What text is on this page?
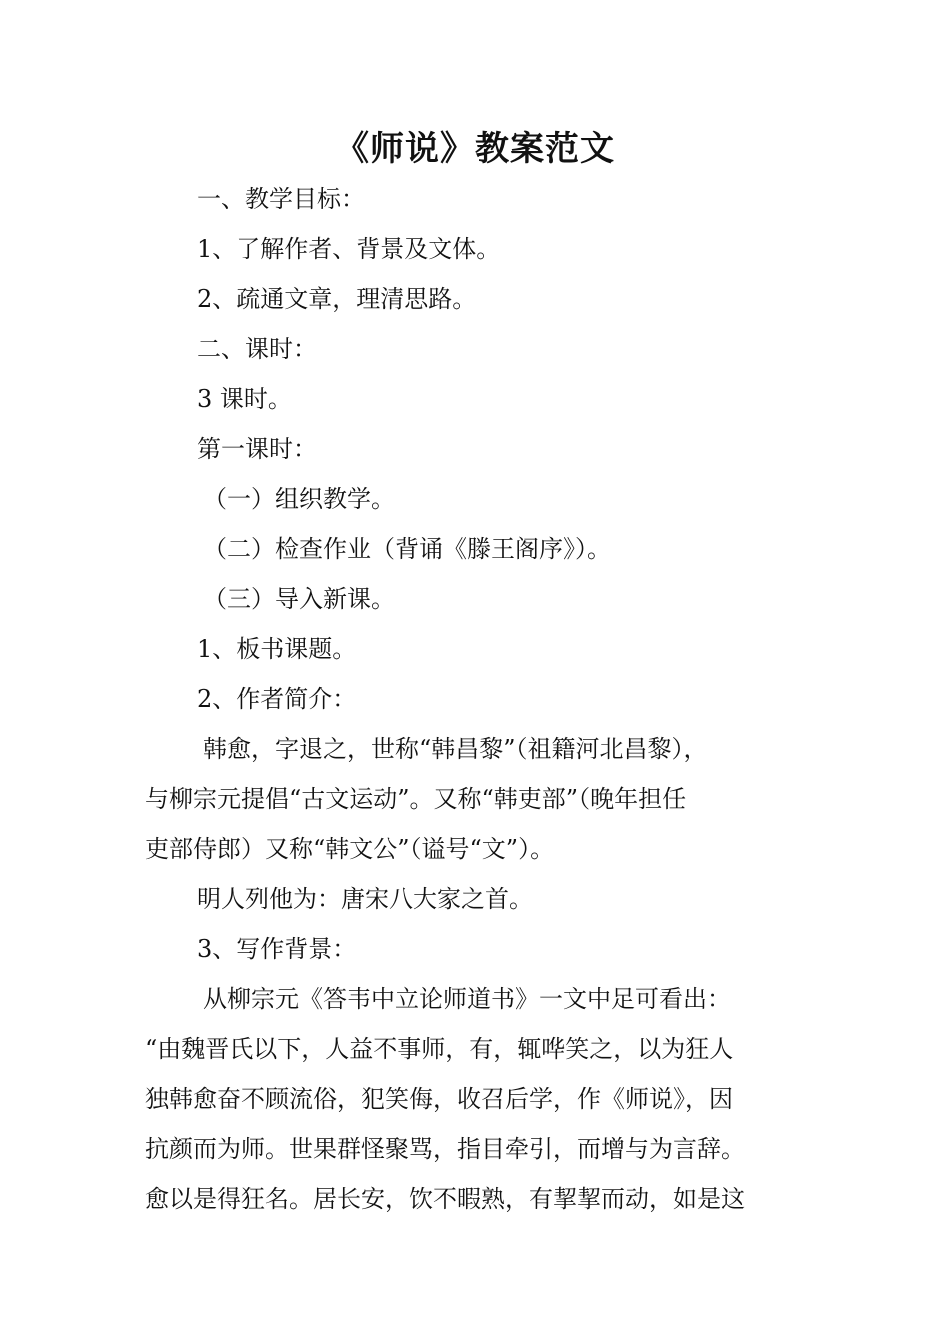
《师说》教案范文

一、教学目标：

1、了解作者、背景及文体。

2、疏通文章，理清思路。

二、课时：

3 课时。

第一课时：

（一）组织教学。

（二）检查作业（背诵《滕王阁序》）。

（三）导入新课。

1、板书课题。

2、作者简介：

韩愈，字退之，世称“韩昌黎”（祖籍河北昌黎），

与柳宗元提倡“古文运动”。又称“韩吏部”（晚年担任

吏部侍郎）又称“韩文公”（谥号“文”）。

明人列他为：唐宋八大家之首。

3、写作背景：

从柳宗元《答韦中立论师道书》一文中足可看出：

“由魏晋氏以下，人益不事师，有，辄哗笑之，以为狂人

独韩愈奋不顾流俗，犯笑侮，收召后学，作《师说》，因

抗颜而为师。世果群怪聚骂，指目牵引，而增与为言辞。

愈以是得狂名。居长安，饮不暇熟，有挈挈而动，如是这
